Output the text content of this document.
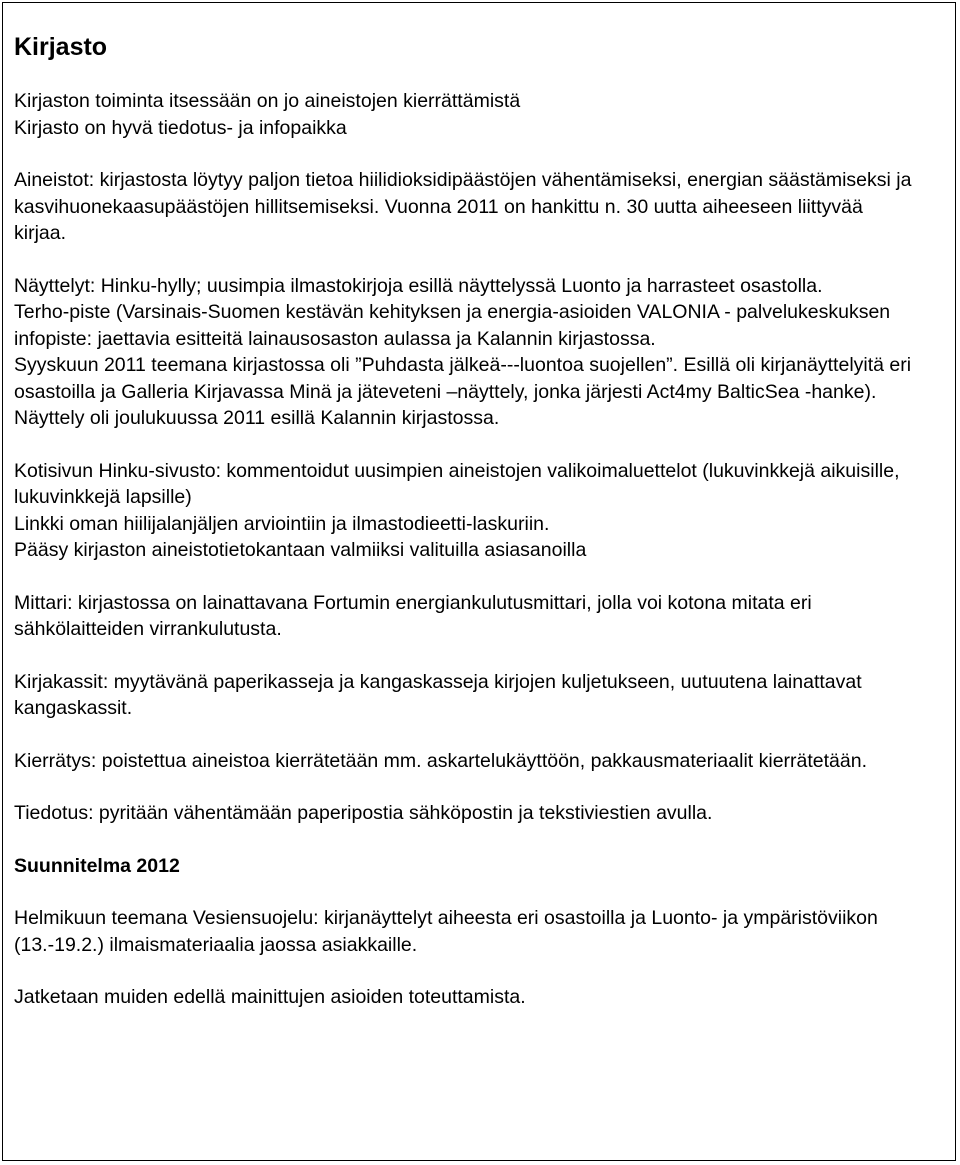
Kirjasto

Kirjaston toiminta itsessään on jo aineistojen kierrättämistä

Kirjasto on hyvä tiedotus- ja infopaikka

Aineistot: kirjastosta löytyy paljon tietoa hiilidioksidipäästöjen vähentämiseksi, energian säästämiseksi ja kasvihuonekaasupäästöjen hillitsemiseksi. Vuonna 2011 on hankittu n. 30 uutta aiheeseen liittyvää kirjaa.

Näyttelyt: Hinku-hylly; uusimpia ilmastokirjoja esillä näyttelyssä Luonto ja harrasteet osastolla.

Terho-piste (Varsinais-Suomen kestävän kehityksen ja energia-asioiden VALONIA - palvelukeskuksen infopiste: jaettavia esitteitä lainausosaston aulassa ja Kalannin kirjastossa.

Syyskuun 2011 teemana kirjastossa oli ”Puhdasta jälkeä---luontoa suojellen”. Esillä oli kirjanäyttelyitä eri osastoilla ja Galleria Kirjavassa Minä ja jäteveteni –näyttely, jonka järjesti Act4my BalticSea -hanke). Näyttely oli joulukuussa 2011 esillä Kalannin kirjastossa.

Kotisivun Hinku-sivusto: kommentoidut uusimpien aineistojen valikoimaluettelot (lukuvinkkejä aikuisille, lukuvinkkejä lapsille)

Linkki oman hiilijalanjäljen arviointiin ja ilmastodieetti-laskuriin.

Pääsy kirjaston aineistotietokantaan valmiiksi valituilla asiasanoilla

Mittari: kirjastossa on lainattavana Fortumin energiankulutusmittari, jolla voi kotona mitata eri sähkölaitteiden virrankulutusta.

Kirjakassit: myytävänä paperikasseja ja kangaskasseja kirjojen kuljetukseen, uutuutena lainattavat kangaskassit.

Kierrätys: poistettua aineistoa kierrätetään mm. askartelukäyttöön, pakkausmateriaalit kierrätetään.

Tiedotus: pyritään vähentämään paperipostia sähköpostin ja tekstiviestien avulla.

Suunnitelma 2012

Helmikuun teemana Vesiensuojelu: kirjanäyttelyt aiheesta eri osastoilla ja Luonto- ja ympäristöviikon (13.-19.2.) ilmaismateriaalia jaossa asiakkaille.

Jatketaan muiden edellä mainittujen asioiden toteuttamista.
